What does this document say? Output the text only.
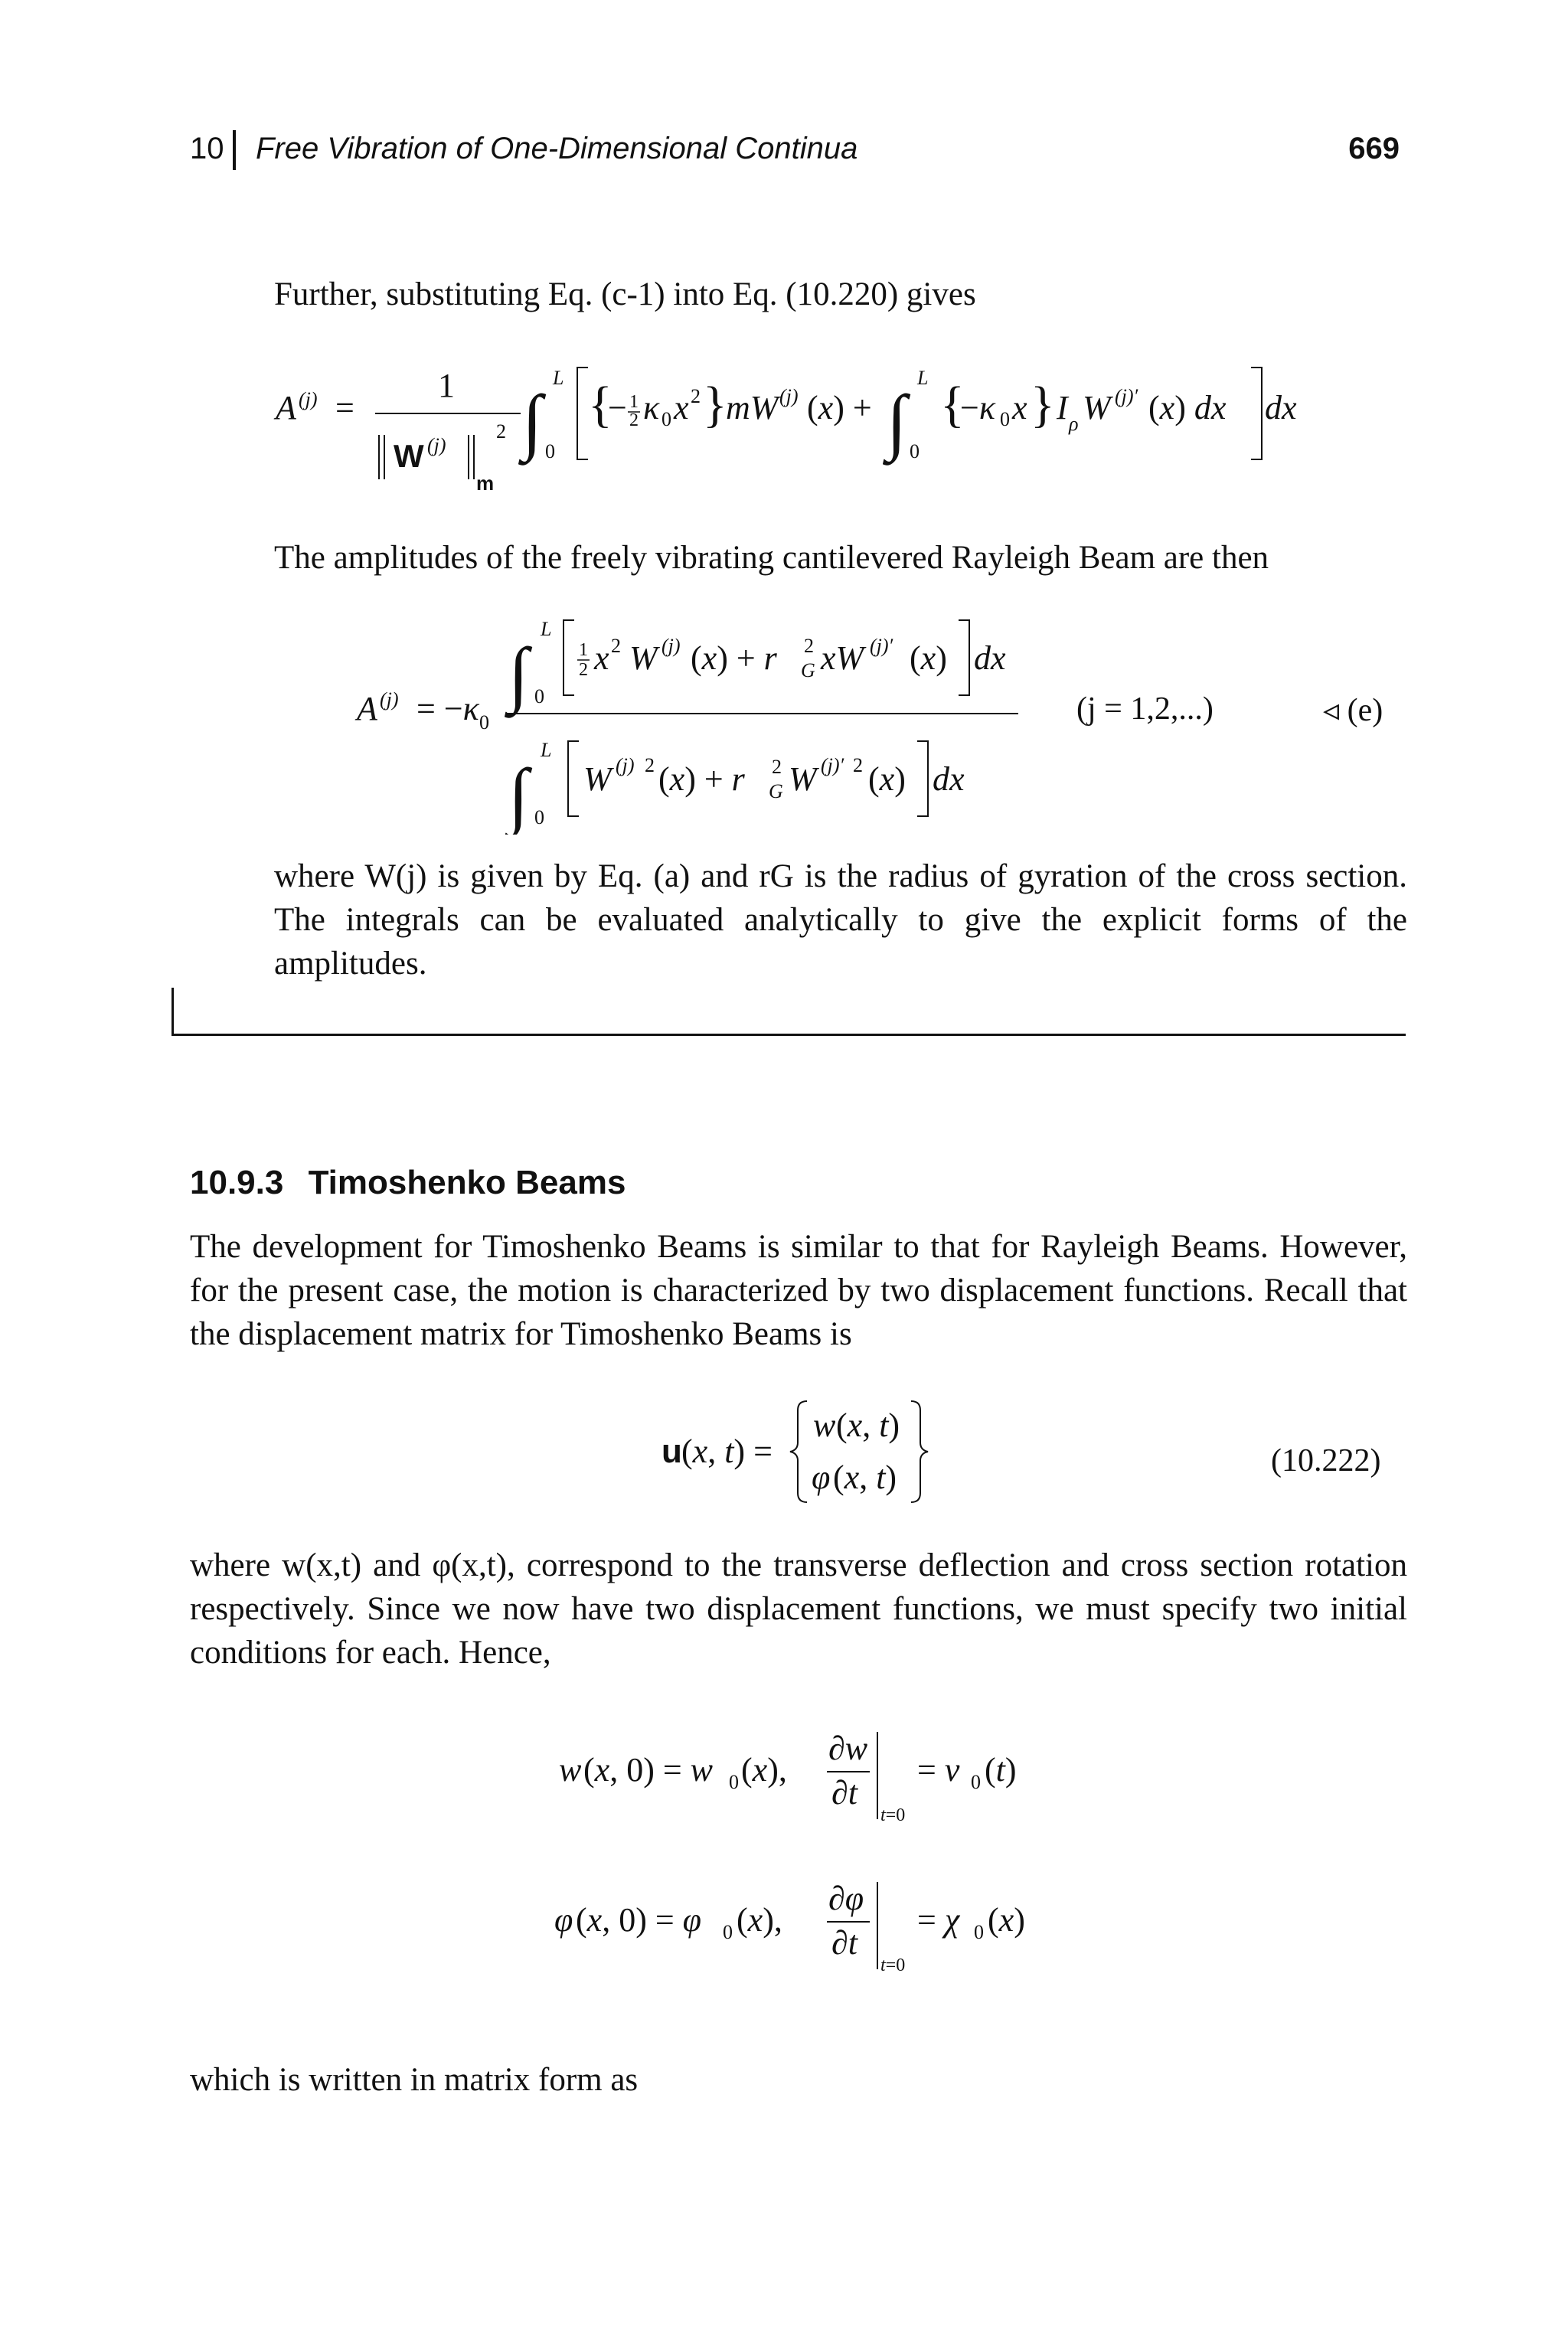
10 Free Vibration of One-Dimensional Continua	669
Further, substituting Eq. (c-1) into Eq. (10.220) gives
A (j) =
1
W (j)
2
m
∫
L
0
{
− 1
2 κ 0 x 2 }
mW (j) (x) + ∫
L
0
{
−κ 0 x } I ρ W (j)′ (x) dx dx
The amplitudes of the freely vibrating cantilevered Rayleigh Beam are then
A (j) = −κ 0
∫
L
0
1
2 x 2 W (j) (x) + r G
2 xW (j)′ (x) dx
∫
L
0
W (j) 2 (x) + r G
2 W (j)′ 2 (x) dx
(j = 1,2,...)	◃ (e)
where W(j) is given by Eq. (a) and rG is the radius of gyration of the cross section. The integrals can be evaluated analytically to give the explicit forms of the amplitudes.
10.9.3 Timoshenko Beams
The development for Timoshenko Beams is similar to that for Rayleigh Beams. However, for the present case, the motion is characterized by two displacement functions. Recall that the displacement matrix for Timoshenko Beams is
u (x, t) =
w (x, t)
φ (x, t)	(10.222)
where w(x,t) and φ(x,t), correspond to the transverse deflection and cross section rotation respectively. Since we now have two displacement functions, we must specify two initial conditions for each. Hence,
w (x, 0) = w 0 (x),
∂w
∂t
t=0
= v 0 (t)
φ (x, 0) = φ 0 (x),
∂φ
∂t
t=0
= χ 0 (x)
which is written in matrix form as
